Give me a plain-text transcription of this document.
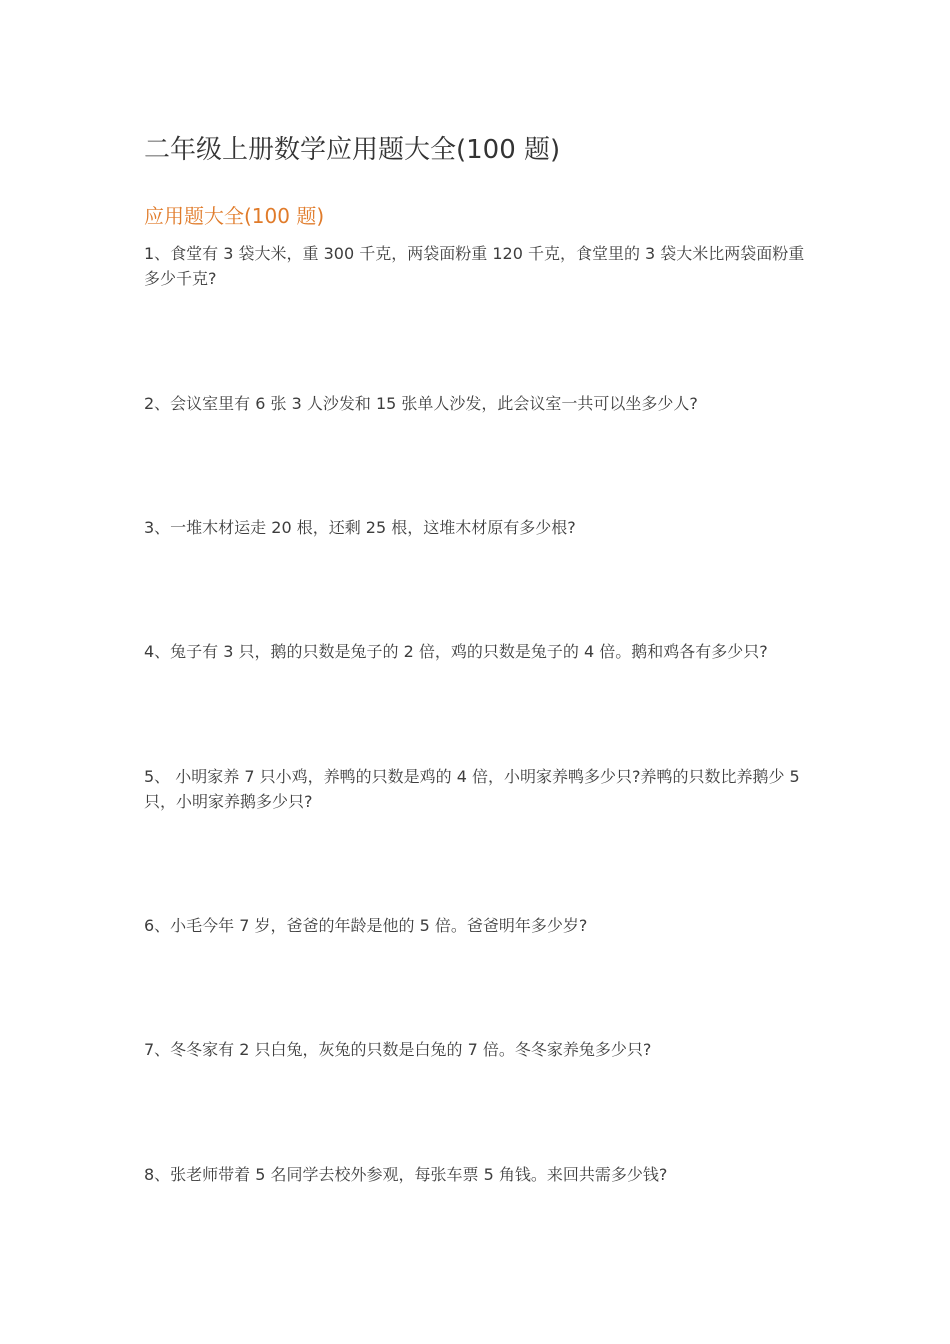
二年级上册数学应用题大全(100 题)
应用题大全(100 题)
1、食堂有 3 袋大米，重 300 千克，两袋面粉重 120 千克，食堂里的 3 袋大米比两袋面粉重多少千克?
2、会议室里有 6 张 3 人沙发和 15 张单人沙发，此会议室一共可以坐多少人?
3、一堆木材运走 20 根，还剩 25 根，这堆木材原有多少根?
4、兔子有 3 只，鹅的只数是兔子的 2 倍，鸡的只数是兔子的 4 倍。鹅和鸡各有多少只?
5、 小明家养 7 只小鸡，养鸭的只数是鸡的 4 倍，小明家养鸭多少只?养鸭的只数比养鹅少 5 只，小明家养鹅多少只?
6、小毛今年 7 岁，爸爸的年龄是他的 5 倍。爸爸明年多少岁?
7、冬冬家有 2 只白兔，灰兔的只数是白兔的 7 倍。冬冬家养兔多少只?
8、张老师带着 5 名同学去校外参观，每张车票 5 角钱。来回共需多少钱?
